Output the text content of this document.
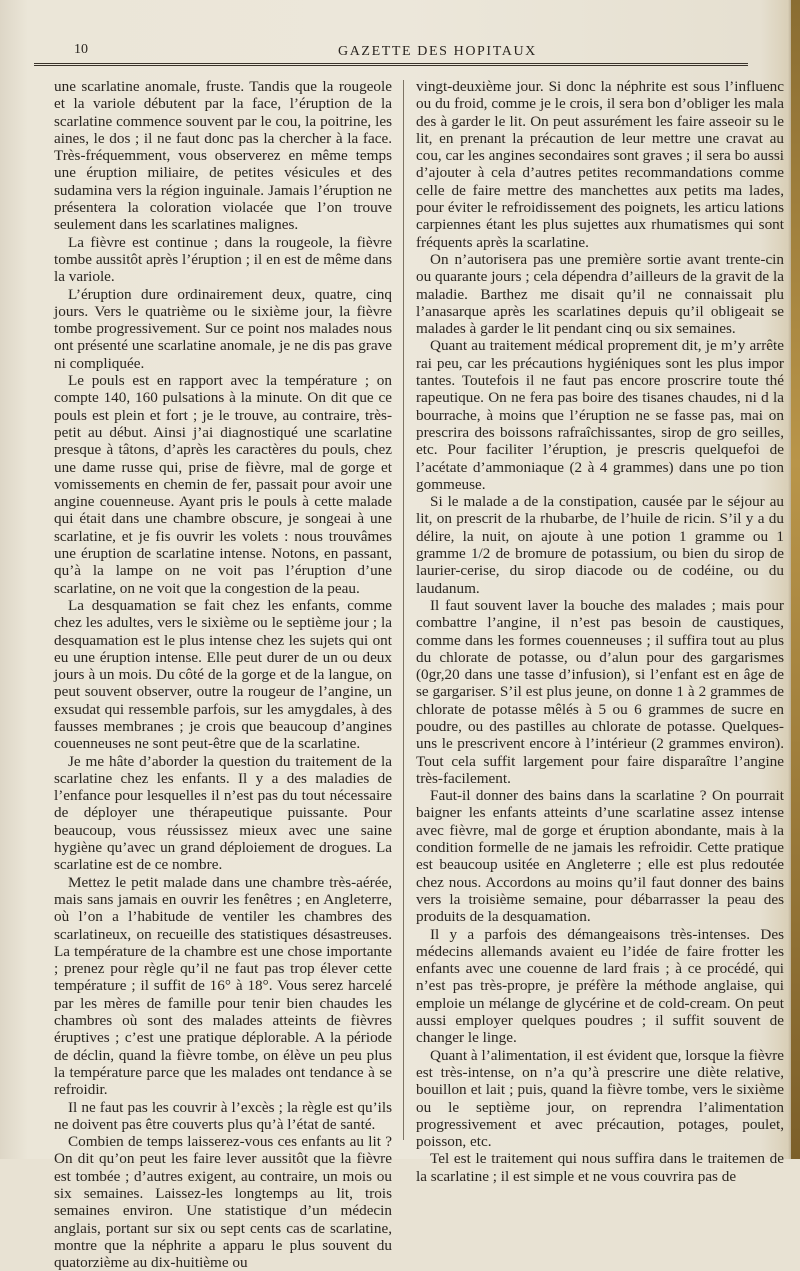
10	GAZETTE DES HOPITAUX

une scarlatine anomale, fruste. Tandis que la rougeole et la variole débutent par la face, l’éruption de la scarlatine commence souvent par le cou, la poitrine, les aines, le dos ; il ne faut donc pas la chercher à la face. Très-fréquemment, vous observerez en même temps une éruption miliaire, de petites vésicules et des sudamina vers la région inguinale. Jamais l’éruption ne présentera la coloration violacée que l’on trouve seulement dans les scarlatines malignes.

La fièvre est continue ; dans la rougeole, la fièvre tombe aussitôt après l’éruption ; il en est de même dans la variole.

L’éruption dure ordinairement deux, quatre, cinq jours. Vers le quatrième ou le sixième jour, la fièvre tombe progressivement. Sur ce point nos malades nous ont présenté une scarlatine anomale, je ne dis pas grave ni compliquée.

Le pouls est en rapport avec la température ; on compte 140, 160 pulsations à la minute. On dit que ce pouls est plein et fort ; je le trouve, au contraire, très-petit au début. Ainsi j’ai diagnostiqué une scarlatine presque à tâtons, d’après les caractères du pouls, chez une dame russe qui, prise de fièvre, mal de gorge et vomissements en chemin de fer, passait pour avoir une angine couenneuse. Ayant pris le pouls à cette malade qui était dans une chambre obscure, je songeai à une scarlatine, et je fis ouvrir les volets : nous trouvâmes une éruption de scarlatine intense. Notons, en passant, qu’à la lampe on ne voit pas l’éruption d’une scarlatine, on ne voit que la congestion de la peau.

La desquamation se fait chez les enfants, comme chez les adultes, vers le sixième ou le septième jour ; la desquamation est le plus intense chez les sujets qui ont eu une éruption intense. Elle peut durer de un ou deux jours à un mois. Du côté de la gorge et de la langue, on peut souvent observer, outre la rougeur de l’angine, un exsudat qui ressemble parfois, sur les amygdales, à des fausses membranes ; je crois que beaucoup d’angines couenneuses ne sont peut-être que de la scarlatine.

Je me hâte d’aborder la question du traitement de la scarlatine chez les enfants. Il y a des maladies de l’enfance pour lesquelles il n’est pas du tout nécessaire de déployer une thérapeutique puissante. Pour beaucoup, vous réussissez mieux avec une saine hygiène qu’avec un grand déploiement de drogues. La scarlatine est de ce nombre.

Mettez le petit malade dans une chambre très-aérée, mais sans jamais en ouvrir les fenêtres ; en Angleterre, où l’on a l’habitude de ventiler les chambres des scarlatineux, on recueille des statistiques désastreuses. La température de la chambre est une chose importante ; prenez pour règle qu’il ne faut pas trop élever cette température ; il suffit de 16° à 18°. Vous serez harcelé par les mères de famille pour tenir bien chaudes les chambres où sont des malades atteints de fièvres éruptives ; c’est une pratique déplorable. A la période de déclin, quand la fièvre tombe, on élève un peu plus la température parce que les malades ont tendance à se refroidir.

Il ne faut pas les couvrir à l’excès ; la règle est qu’ils ne doivent pas être couverts plus qu’à l’état de santé.

Combien de temps laisserez-vous ces enfants au lit ? On dit qu’on peut les faire lever aussitôt que la fièvre est tombée ; d’autres exigent, au contraire, un mois ou six semaines. Laissez-les longtemps au lit, trois semaines environ. Une statistique d’un médecin anglais, portant sur six ou sept cents cas de scarlatine, montre que la néphrite a apparu le plus souvent du quatorzième au dix-huitième ou

vingt-deuxième jour. Si donc la néphrite est sous l’influenc ou du froid, comme je le crois, il sera bon d’obliger les mala des à garder le lit. On peut assurément les faire asseoir su le lit, en prenant la précaution de leur mettre une cravat au cou, car les angines secondaires sont graves ; il sera bo aussi d’ajouter à cela d’autres petites recommandations comme celle de faire mettre des manchettes aux petits ma lades, pour éviter le refroidissement des poignets, les articu lations carpiennes étant les plus sujettes aux rhumatismes qui sont fréquents après la scarlatine.

On n’autorisera pas une première sortie avant trente-cin ou quarante jours ; cela dépendra d’ailleurs de la gravit de la maladie. Barthez me disait qu’il ne connaissait plu l’anasarque après les scarlatines depuis qu’il obligeait se malades à garder le lit pendant cinq ou six semaines.

Quant au traitement médical proprement dit, je m’y arrête rai peu, car les précautions hygiéniques sont les plus impor tantes. Toutefois il ne faut pas encore proscrire toute thé rapeutique. On ne fera pas boire des tisanes chaudes, ni d la bourrache, à moins que l’éruption ne se fasse pas, mai on prescrira des boissons rafraîchissantes, sirop de gro seilles, etc. Pour faciliter l’éruption, je prescris quelquefoi de l’acétate d’ammoniaque (2 à 4 grammes) dans une po tion gommeuse.

Si le malade a de la constipation, causée par le séjour au lit, on prescrit de la rhubarbe, de l’huile de ricin. S’il y a du délire, la nuit, on ajoute à une potion 1 gramme ou 1 gramme 1/2 de bromure de potassium, ou bien du sirop de laurier-cerise, du sirop diacode ou de codéine, ou du laudanum.

Il faut souvent laver la bouche des malades ; mais pour combattre l’angine, il n’est pas besoin de caustiques, comme dans les formes couenneuses ; il suffira tout au plus du chlorate de potasse, ou d’alun pour des gargarismes (0gr,20 dans une tasse d’infusion), si l’enfant est en âge de se gargariser. S’il est plus jeune, on donne 1 à 2 grammes de chlorate de potasse mêlés à 5 ou 6 grammes de sucre en poudre, ou des pastilles au chlorate de potasse. Quelques-uns le prescrivent encore à l’intérieur (2 grammes environ). Tout cela suffit largement pour faire disparaître l’angine très-facilement.

Faut-il donner des bains dans la scarlatine ? On pourrait baigner les enfants atteints d’une scarlatine assez intense avec fièvre, mal de gorge et éruption abondante, mais à la condition formelle de ne jamais les refroidir. Cette pratique est beaucoup usitée en Angleterre ; elle est plus redoutée chez nous. Accordons au moins qu’il faut donner des bains vers la troisième semaine, pour débarrasser la peau des produits de la desquamation.

Il y a parfois des démangeaisons très-intenses. Des médecins allemands avaient eu l’idée de faire frotter les enfants avec une couenne de lard frais ; à ce procédé, qui n’est pas très-propre, je préfère la méthode anglaise, qui emploie un mélange de glycérine et de cold-cream. On peut aussi employer quelques poudres ; il suffit souvent de changer le linge.

Quant à l’alimentation, il est évident que, lorsque la fièvre est très-intense, on n’a qu’à prescrire une diète relative, bouillon et lait ; puis, quand la fièvre tombe, vers le sixième ou le septième jour, on reprendra l’alimentation progressivement et avec précaution, potages, poulet, poisson, etc.

Tel est le traitement qui nous suffira dans le traitemen de la scarlatine ; il est simple et ne vous couvrira pas de
